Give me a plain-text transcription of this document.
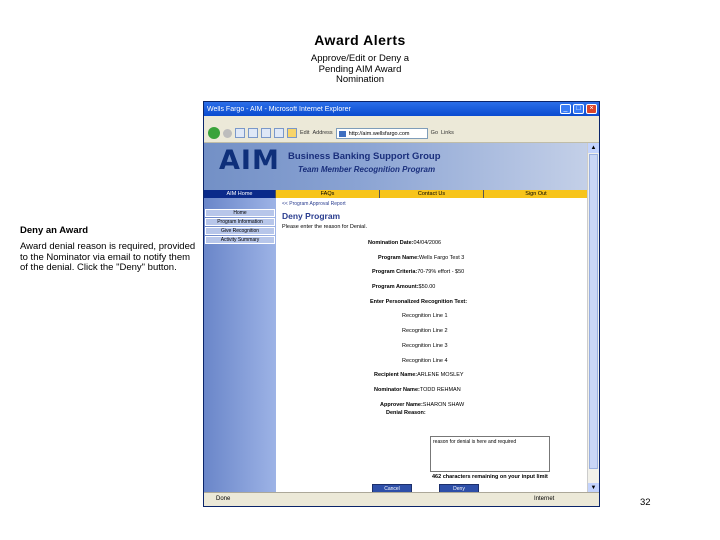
Award Alerts
Approve/Edit or Deny a
Pending AIM Award
Nomination
Deny an Award
Award denial reason is required, provided to the Nominator via email to notify them of the denial. Click the "Deny" button.
32
Wells Fargo - AIM - Microsoft Internet Explorer	_	□	×
Edit Address	http://aim.wellsfargo.com	Go Links
AIM Business Banking Support Group
Team Member Recognition Program
AIM Home	FAQs	Contact Us	Sign Out
Home
Program Information
Give Recognition
Activity Summary
<< Program Approval Report
Deny Program
Please enter the reason for Denial.
Nomination Date:04/04/2006
Program Name:Wells Fargo Test 3
Program Criteria:70-79% effort - $50
Program Amount:$50.00
Enter Personalized Recognition Text:
Recognition Line 1
Recognition Line 2
Recognition Line 3
Recognition Line 4
Recipient Name:ARLENE MOSLEY
Nominator Name:TODD REHMAN
Approver Name:SHARON SHAW
Denial Reason:
reason for denial is here and required
462 characters remaining on your input limit
Cancel	Deny
▲
▼
Done	Internet
